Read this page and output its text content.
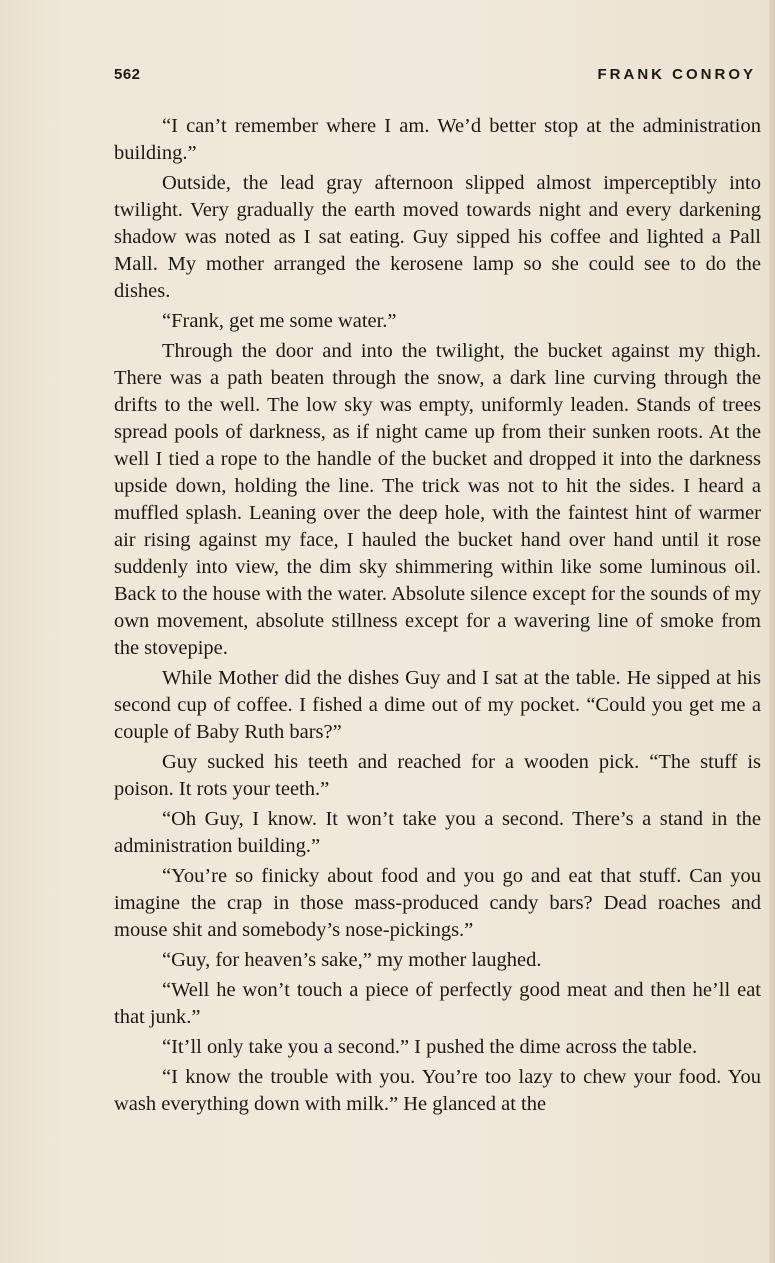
562	FRANK CONROY

“I can’t remember where I am. We’d better stop at the administration building.”

Outside, the lead gray afternoon slipped almost imperceptibly into twilight. Very gradually the earth moved towards night and every darkening shadow was noted as I sat eating. Guy sipped his coffee and lighted a Pall Mall. My mother arranged the kerosene lamp so she could see to do the dishes.

“Frank, get me some water.”

Through the door and into the twilight, the bucket against my thigh. There was a path beaten through the snow, a dark line curving through the drifts to the well. The low sky was empty, uniformly leaden. Stands of trees spread pools of darkness, as if night came up from their sunken roots. At the well I tied a rope to the handle of the bucket and dropped it into the darkness upside down, holding the line. The trick was not to hit the sides. I heard a muffled splash. Leaning over the deep hole, with the faintest hint of warmer air rising against my face, I hauled the bucket hand over hand until it rose suddenly into view, the dim sky shimmering within like some luminous oil. Back to the house with the water. Absolute silence except for the sounds of my own movement, absolute stillness except for a wavering line of smoke from the stovepipe.

While Mother did the dishes Guy and I sat at the table. He sipped at his second cup of coffee. I fished a dime out of my pocket. “Could you get me a couple of Baby Ruth bars?”

Guy sucked his teeth and reached for a wooden pick. “The stuff is poison. It rots your teeth.”

“Oh Guy, I know. It won’t take you a second. There’s a stand in the administration building.”

“You’re so finicky about food and you go and eat that stuff. Can you imagine the crap in those mass-produced candy bars? Dead roaches and mouse shit and somebody’s nose-pickings.”

“Guy, for heaven’s sake,” my mother laughed.

“Well he won’t touch a piece of perfectly good meat and then he’ll eat that junk.”

“It’ll only take you a second.” I pushed the dime across the table.

“I know the trouble with you. You’re too lazy to chew your food. You wash everything down with milk.” He glanced at the
